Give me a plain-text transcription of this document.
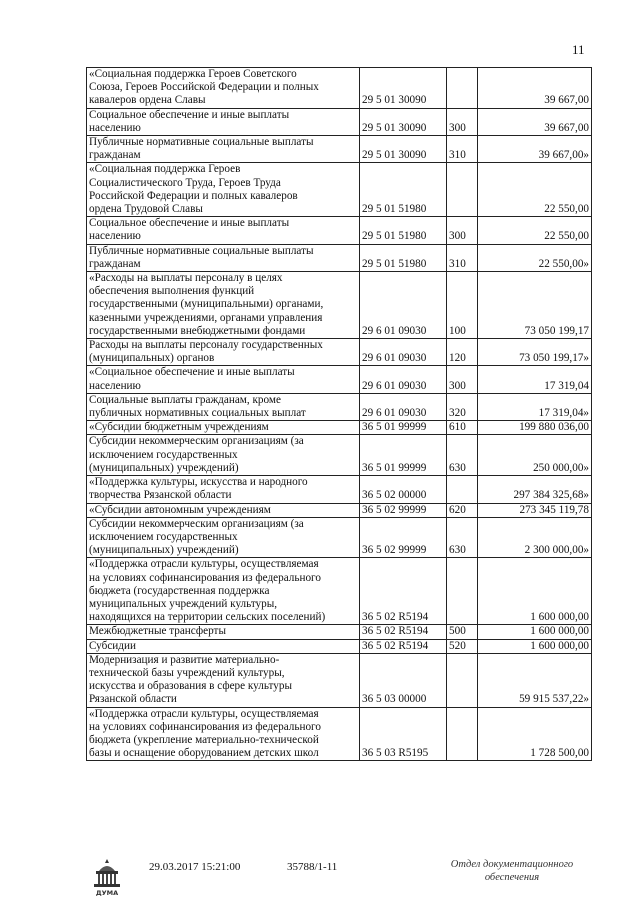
11
«Социальная поддержка Героев Советского
Союза, Героев Российской Федерации и полных
кавалеров ордена Славы	29 5 01 30090		39 667,00
Социальное обеспечение и иные выплаты
населению	29 5 01 30090	300	39 667,00
Публичные нормативные социальные выплаты
гражданам	29 5 01 30090	310	39 667,00»
«Социальная поддержка Героев
Социалистического Труда, Героев Труда
Российской Федерации и полных кавалеров
ордена Трудовой Славы	29 5 01 51980		22 550,00
Социальное обеспечение и иные выплаты
населению	29 5 01 51980	300	22 550,00
Публичные нормативные социальные выплаты
гражданам	29 5 01 51980	310	22 550,00»
«Расходы на выплаты персоналу в целях
обеспечения выполнения функций
государственными (муниципальными) органами,
казенными учреждениями, органами управления
государственными внебюджетными фондами	29 6 01 09030	100	73 050 199,17
Расходы на выплаты персоналу государственных
(муниципальных) органов	29 6 01 09030	120	73 050 199,17»
«Социальное обеспечение и иные выплаты
населению	29 6 01 09030	300	17 319,04
Социальные выплаты гражданам, кроме
публичных нормативных социальных выплат	29 6 01 09030	320	17 319,04»
«Субсидии бюджетным учреждениям	36 5 01 99999	610	199 880 036,00
Субсидии некоммерческим организациям (за
исключением государственных
(муниципальных) учреждений)	36 5 01 99999	630	250 000,00»
«Поддержка культуры, искусства и народного
творчества Рязанской области	36 5 02 00000		297 384 325,68»
«Субсидии автономным учреждениям	36 5 02 99999	620	273 345 119,78
Субсидии некоммерческим организациям (за
исключением государственных
(муниципальных) учреждений)	36 5 02 99999	630	2 300 000,00»
«Поддержка отрасли культуры, осуществляемая
на условиях софинансирования из федерального
бюджета (государственная поддержка
муниципальных учреждений культуры,
находящихся на территории сельских поселений)	36 5 02 R5194		1 600 000,00
Межбюджетные трансферты	36 5 02 R5194	500	1 600 000,00
Субсидии	36 5 02 R5194	520	1 600 000,00
Модернизация и развитие материально-
технической базы учреждений культуры,
искусства и образования в сфере культуры
Рязанской области	36 5 03 00000		59 915 537,22»
«Поддержка отрасли культуры, осуществляемая
на условиях софинансирования из федерального
бюджета (укрепление материально-технической
базы и оснащение оборудованием детских школ	36 5 03 R5195		1 728 500,00
ДУМА
29.03.2017 15:21:00	35788/1-11	Отдел документационного
обеспечения
